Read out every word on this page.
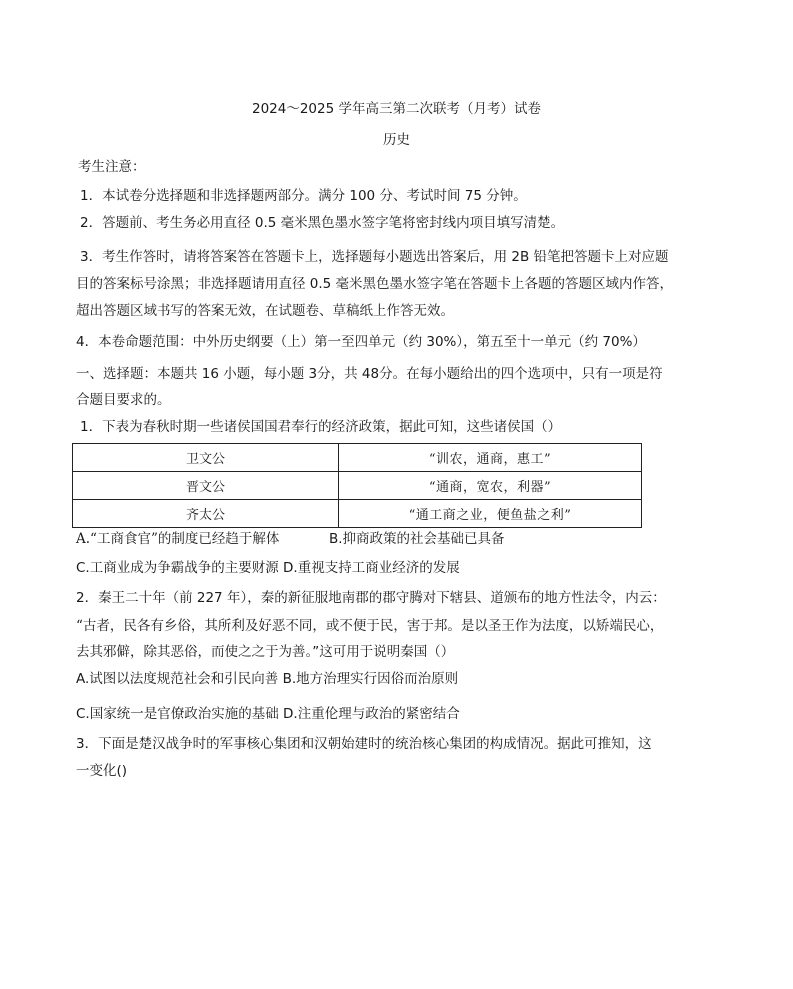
2024～2025 学年高三第二次联考（月考）试卷
历史
考生注意：
1．本试卷分选择题和非选择题两部分。满分 100 分、考试时间 75 分钟。
2．答题前、考生务必用直径 0.5 毫米黑色墨水签字笔将密封线内项目填写清楚。
3．考生作答时，请将答案答在答题卡上，选择题每小题选出答案后，用 2B 铅笔把答题卡上对应题
目的答案标号涂黑；非选择题请用直径 0.5 毫米黑色墨水签字笔在答题卡上各题的答题区域内作答，
超出答题区域书写的答案无效，在试题卷、草稿纸上作答无效。
4．本卷命题范围：中外历史纲要（上）第一至四单元（约 30%），第五至十一单元（约 70%）
一、选择题：本题共 16 小题，每小题 3分，共 48分。在每小题给出的四个选项中，只有一项是符
合题目要求的。
1．下表为春秋时期一些诸侯国国君奉行的经济政策，据此可知，这些诸侯国（）
卫文公	“训农，通商，惠工”
晋文公	“通商，宽农，利器”
齐太公	“通工商之业，便鱼盐之利”
A.“工商食官”的制度已经趋于解体	B.抑商政策的社会基础已具备
C.工商业成为争霸战争的主要财源 D.重视支持工商业经济的发展
2．秦王二十年（前 227 年），秦的新征服地南郡的郡守腾对下辖县、道颁布的地方性法令，内云：
“古者，民各有乡俗，其所利及好恶不同，或不便于民，害于邦。是以圣王作为法度，以矫端民心，
去其邪僻，除其恶俗，而使之之于为善。”这可用于说明秦国（）
A.试图以法度规范社会和引民向善 B.地方治理实行因俗而治原则
C.国家统一是官僚政治实施的基础 D.注重伦理与政治的紧密结合
3．下面是楚汉战争时的军事核心集团和汉朝始建时的统治核心集团的构成情况。据此可推知，这
一变化()
